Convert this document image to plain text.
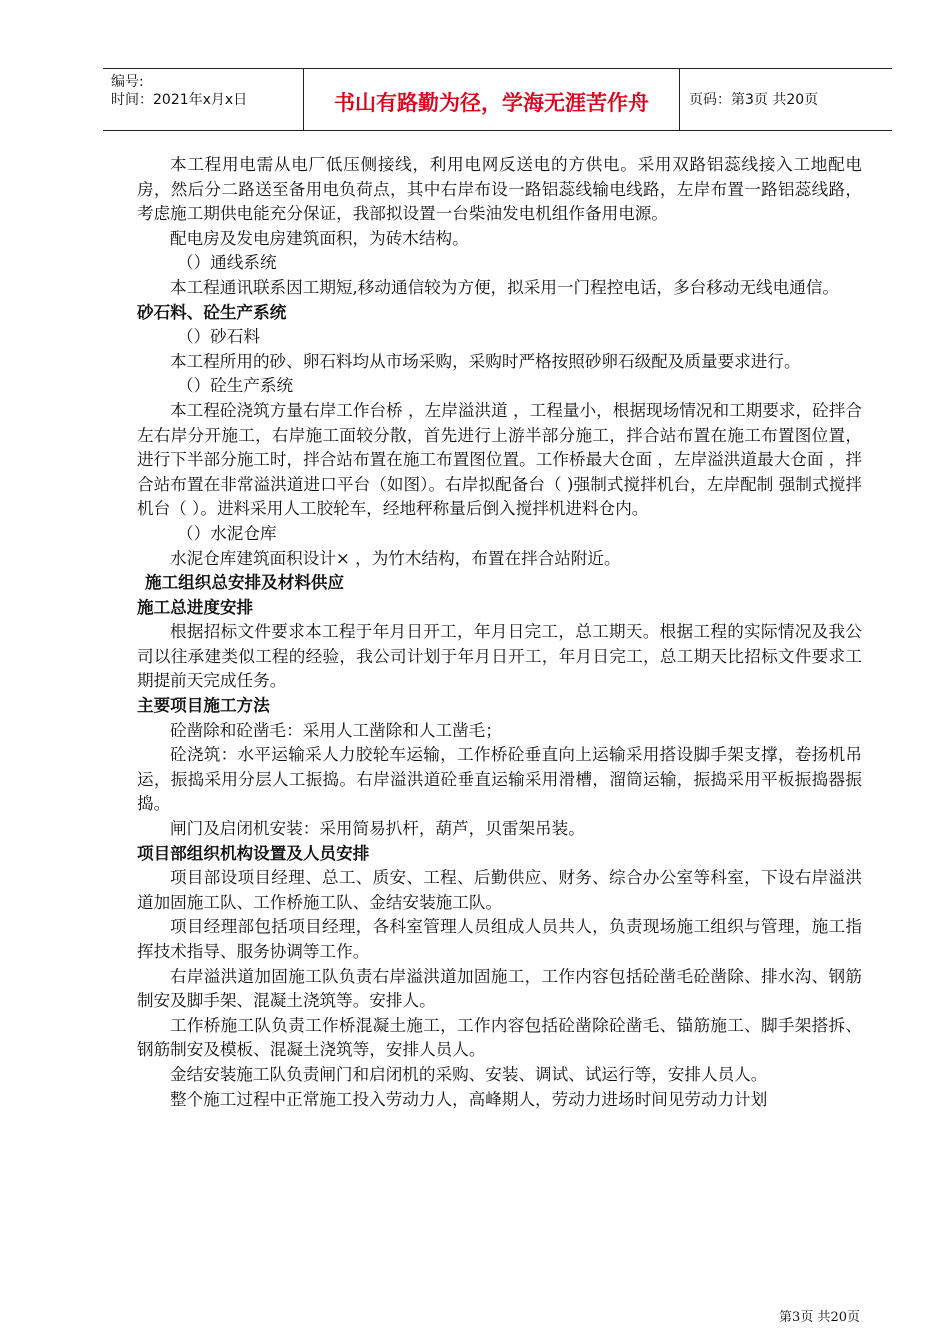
编号:
时间：2021年x月x日	书山有路勤为径，学海无涯苦作舟	页码：第3页 共20页

本工程用电需从电厂低压侧接线，利用电网反送电的方供电。采用双路铝蕊线接入工地配电房，然后分二路送至备用电负荷点，其中右岸布设一路铝蕊线输电线路，左岸布置一路铝蕊线路，考虑施工期供电能充分保证，我部拟设置一台柴油发电机组作备用电源。

配电房及发电房建筑面积，为砖木结构。

（）通线系统

本工程通讯联系因工期短,移动通信较为方便，拟采用一门程控电话，多台移动无线电通信。

砂石料、砼生产系统

（）砂石料

本工程所用的砂、卵石料均从市场采购，采购时严格按照砂卵石级配及质量要求进行。

（）砼生产系统

本工程砼浇筑方量右岸工作台桥 ，左岸溢洪道 ，工程量小，根据现场情况和工期要求，砼拌合左右岸分开施工，右岸施工面较分散，首先进行上游半部分施工，拌合站布置在施工布置图位置，进行下半部分施工时，拌合站布置在施工布置图位置。工作桥最大仓面 ，左岸溢洪道最大仓面 ，拌合站布置在非常溢洪道进口平台（如图）。右岸拟配备台（ )强制式搅拌机台，左岸配制 强制式搅拌机台（ ）。进料采用人工胶轮车，经地秤称量后倒入搅拌机进料仓内。

（）水泥仓库

水泥仓库建筑面积设计× ，为竹木结构，布置在拌合站附近。

施工组织总安排及材料供应

施工总进度安排

根据招标文件要求本工程于年月日开工，年月日完工，总工期天。根据工程的实际情况及我公司以往承建类似工程的经验，我公司计划于年月日开工，年月日完工，总工期天比招标文件要求工期提前天完成任务。

主要项目施工方法

砼凿除和砼凿毛：采用人工凿除和人工凿毛；

砼浇筑：水平运输采人力胶轮车运输，工作桥砼垂直向上运输采用搭设脚手架支撑，卷扬机吊运，振捣采用分层人工振捣。右岸溢洪道砼垂直运输采用滑槽，溜筒运输，振捣采用平板振捣器振捣。

闸门及启闭机安装：采用简易扒杆，葫芦，贝雷架吊装。

项目部组织机构设置及人员安排

项目部设项目经理、总工、质安、工程、后勤供应、财务、综合办公室等科室，下设右岸溢洪道加固施工队、工作桥施工队、金结安装施工队。

项目经理部包括项目经理，各科室管理人员组成人员共人，负责现场施工组织与管理，施工指挥技术指导、服务协调等工作。

右岸溢洪道加固施工队负责右岸溢洪道加固施工，工作内容包括砼凿毛砼凿除、排水沟、钢筋制安及脚手架、混凝土浇筑等。安排人。

工作桥施工队负责工作桥混凝土施工，工作内容包括砼凿除砼凿毛、锚筋施工、脚手架搭拆、钢筋制安及模板、混凝土浇筑等，安排人员人。

金结安装施工队负责闸门和启闭机的采购、安装、调试、试运行等，安排人员人。

整个施工过程中正常施工投入劳动力人，高峰期人，劳动力进场时间见劳动力计划

第3页 共20页
